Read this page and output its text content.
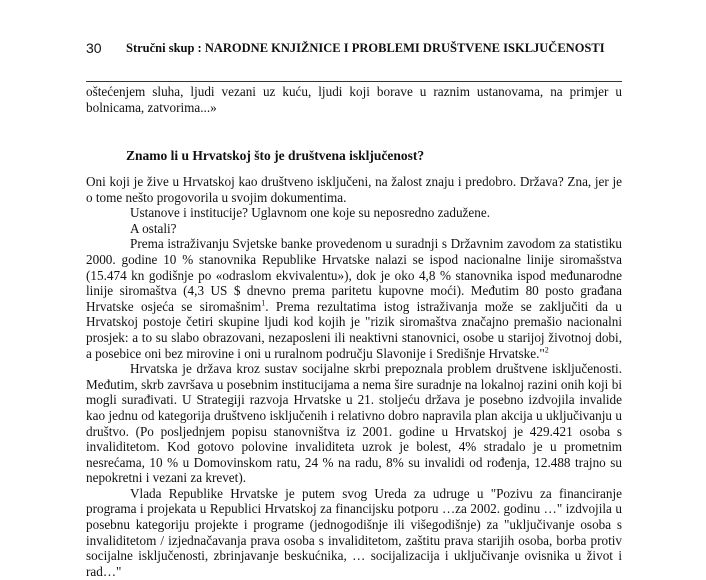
30 Stručni skup : NARODNE KNJIŽNICE I PROBLEMI DRUŠTVENE ISKLJUČENOSTI
oštećenjem sluha, ljudi vezani uz kuću, ljudi koji borave u raznim ustanovama, na primjer u bolnicama, zatvorima...»
Znamo li u Hrvatskoj što je društvena isključenost?

Oni koji je žive u Hrvatskoj kao društveno isključeni, na žalost znaju i predobro. Država? Zna, jer je o tome nešto progovorila u svojim dokumentima.

Ustanove i institucije? Uglavnom one koje su neposredno zadužene.

A ostali?

Prema istraživanju Svjetske banke provedenom u suradnji s Državnim zavodom za statistiku 2000. godine 10 % stanovnika Republike Hrvatske nalazi se ispod nacionalne linije siromašstva (15.474 kn godišnje po «odraslom ekvivalentu»), dok je oko 4,8 % stanovnika ispod međunarodne linije siromaštva (4,3 US $ dnevno prema paritetu kupovne moći). Međutim 80 posto građana Hrvatske osjeća se siromašnim$^1$. Prema rezultatima istog istraživanja može se zaključiti da u Hrvatskoj postoje četiri skupine ljudi kod kojih je "rizik siromaštva značajno premašio nacionalni prosjek: a to su slabo obrazovani, nezaposleni ili neaktivni stanovnici, osobe u starijoj životnoj dobi, a posebice oni bez mirovine i oni u ruralnom području Slavonije i Središnje Hrvatske."$^2$

Hrvatska je država kroz sustav socijalne skrbi prepoznala problem društvene isključenosti. Međutim, skrb završava u posebnim institucijama a nema šire suradnje na lokalnoj razini onih koji bi mogli surađivati. U Strategiji razvoja Hrvatske u 21. stoljeću država je posebno izdvojila invalide kao jednu od kategorija društveno isključenih i relativno dobro napravila plan akcija u uključivanju u društvo. (Po posljednjem popisu stanovništva iz 2001. godine u Hrvatskoj je 429.421 osoba s invaliditetom. Kod gotovo polovine invaliditeta uzrok je bolest, 4% stradalo je u prometnim nesrećama, 10 % u Domovinskom ratu, 24 % na radu, 8% su invalidi od rođenja, 12.488 trajno su nepokretni i vezani za krevet).

Vlada Republike Hrvatske je putem svog Ureda za udruge u "Pozivu za financiranje programa i projekata u Republici Hrvatskoj za financijsku potporu …za 2002. godinu …" izdvojila u posebnu kategoriju projekte i programe (jednogodišnje ili višegodišnje) za "uključivanje osoba s invaliditetom / izjednačavanja prava osoba s invaliditetom, zaštitu prava starijih osoba, borba protiv socijalne isključenosti, zbrinjavanje beskućnika, … socijalizacija i uključivanje ovisnika u život i rad…"
